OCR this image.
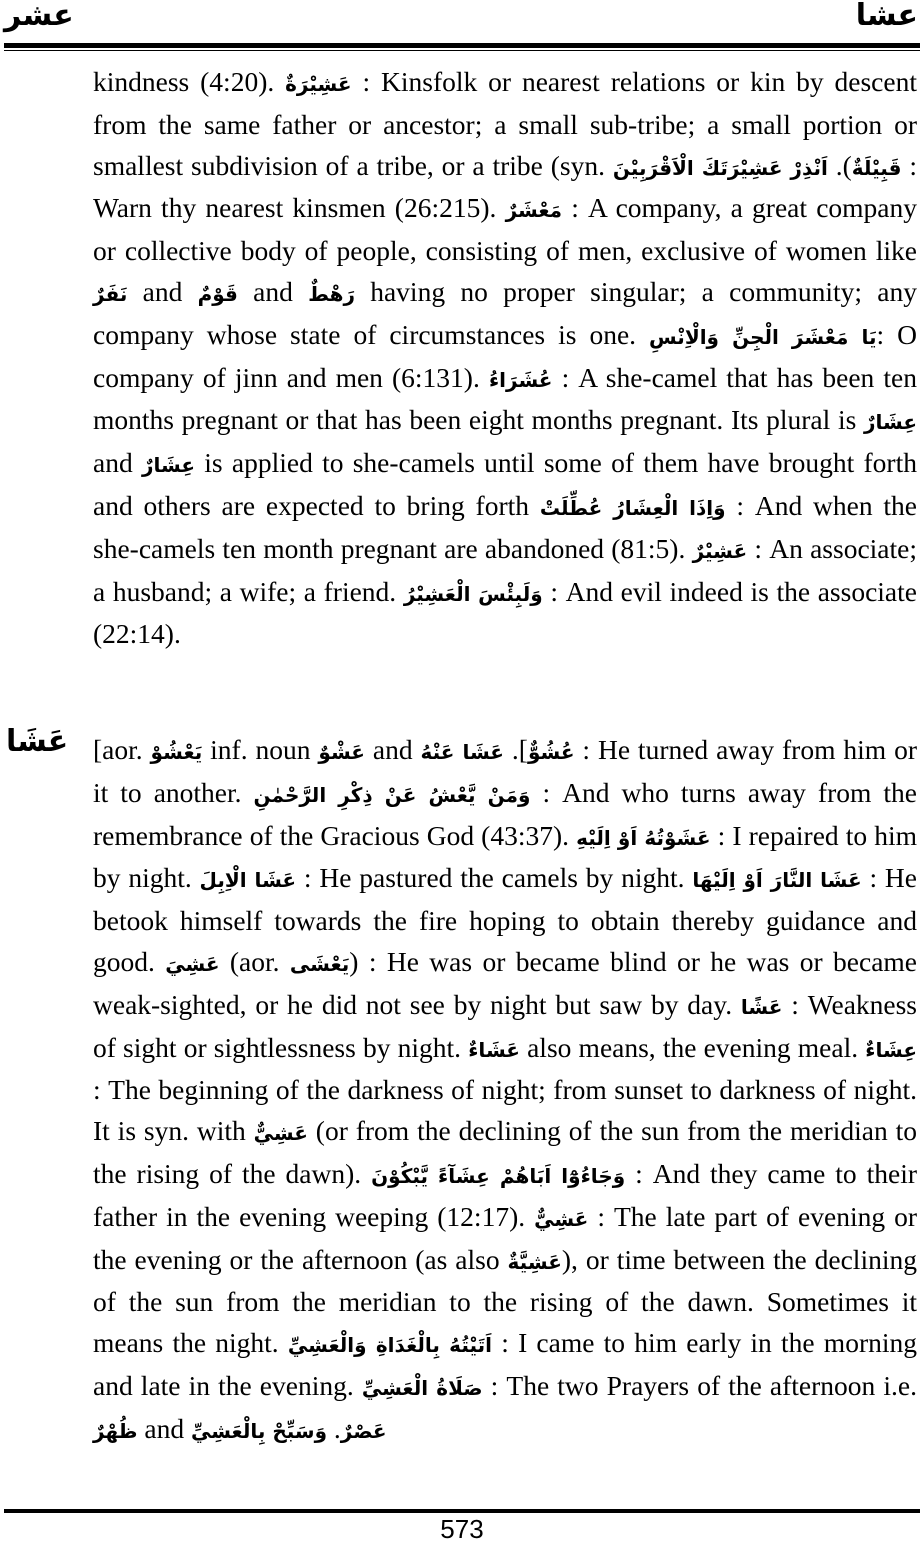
عشر	عشا
kindness (4:20). عَشِيْرَةٌ : Kinsfolk or nearest relations or kin by descent from the same father or ancestor; a small sub-tribe; a small portion or smallest subdivision of a tribe, or a tribe (syn.	قَبِيْلَةٌ). اَنْذِرْ عَشِيْرَتَكَ الْاَقْرَبِيْنَ	: Warn thy nearest kinsmen (26:215). مَعْشَرٌ : A company, a great company or collective body of people, consisting of men, exclusive of women like نَفَرٌ and قَوْمٌ and رَهْطٌ having no proper singular; a community; any company whose state of circumstances is one. يَا مَعْشَرَ الْجِنِّ وَالْاِنْسِ: O company of jinn and men (6:131). عُشَرَاءُ : A she-camel that has been ten months pregnant or that has been eight months pregnant. Its plural is عِشَارٌ and عِشَارٌ is applied to she-camels until some of them have brought forth and others are expected to bring forth وَاِذَا الْعِشَارُ عُطِّلَتْ : And when the she-camels ten month pregnant are abandoned (81:5). عَشِيْرٌ : An associate; a husband; a wife; a friend. وَلَبِئْسَ الْعَشِيْرُ : And evil indeed is the associate (22:14).
عَشَا [aor. يَعْشُوْ inf. noun عَشْوٌ and	عُشُوٌّ]. عَشَا عَنْهُ	: He turned away from him or it to another. وَمَنْ يَّعْشُ عَنْ ذِكْرِ الرَّحْمٰنِ : And who turns away from the remembrance of the Gracious God (43:37). عَشَوْتُهُ اَوْ اِلَيْهِ : I repaired to him by night. عَشَا الْاِبِلَ : He pastured the camels by night. عَشَا النَّارَ اَوْ اِلَيْهَا : He betook himself towards the fire hoping to obtain thereby guidance and good. عَشِيَ (aor. يَعْشَى) : He was or became blind or he was or became weak-sighted, or he did not see by night but saw by day. عَشًا : Weakness of sight or sightlessness by night. عَشَاءٌ also means, the evening meal. عِشَاءٌ : The beginning of the darkness of night; from sunset to darkness of night. It is syn. with عَشِيٌّ (or from the declining of the sun from the meridian to the rising of the dawn). وَجَاءُوْٓا اَبَاهُمْ عِشَآءً يَّبْكُوْنَ : And they came to their father in the evening weeping (12:17). عَشِيٌّ : The late part of evening or the evening or the afternoon (as also عَشِيَّةٌ), or time between the declining of the sun from the meridian to the rising of the dawn. Sometimes it means the night. اَتَيْتُهُ بِالْغَدَاةِ وَالْعَشِيِّ : I came to him early in the morning and late in the evening. صَلَاةُ الْعَشِيِّ : The two Prayers of the afternoon i.e. ظُهْرٌ and	عَصْرٌ. وَسَبِّحْ بِالْعَشِيِّ
573
